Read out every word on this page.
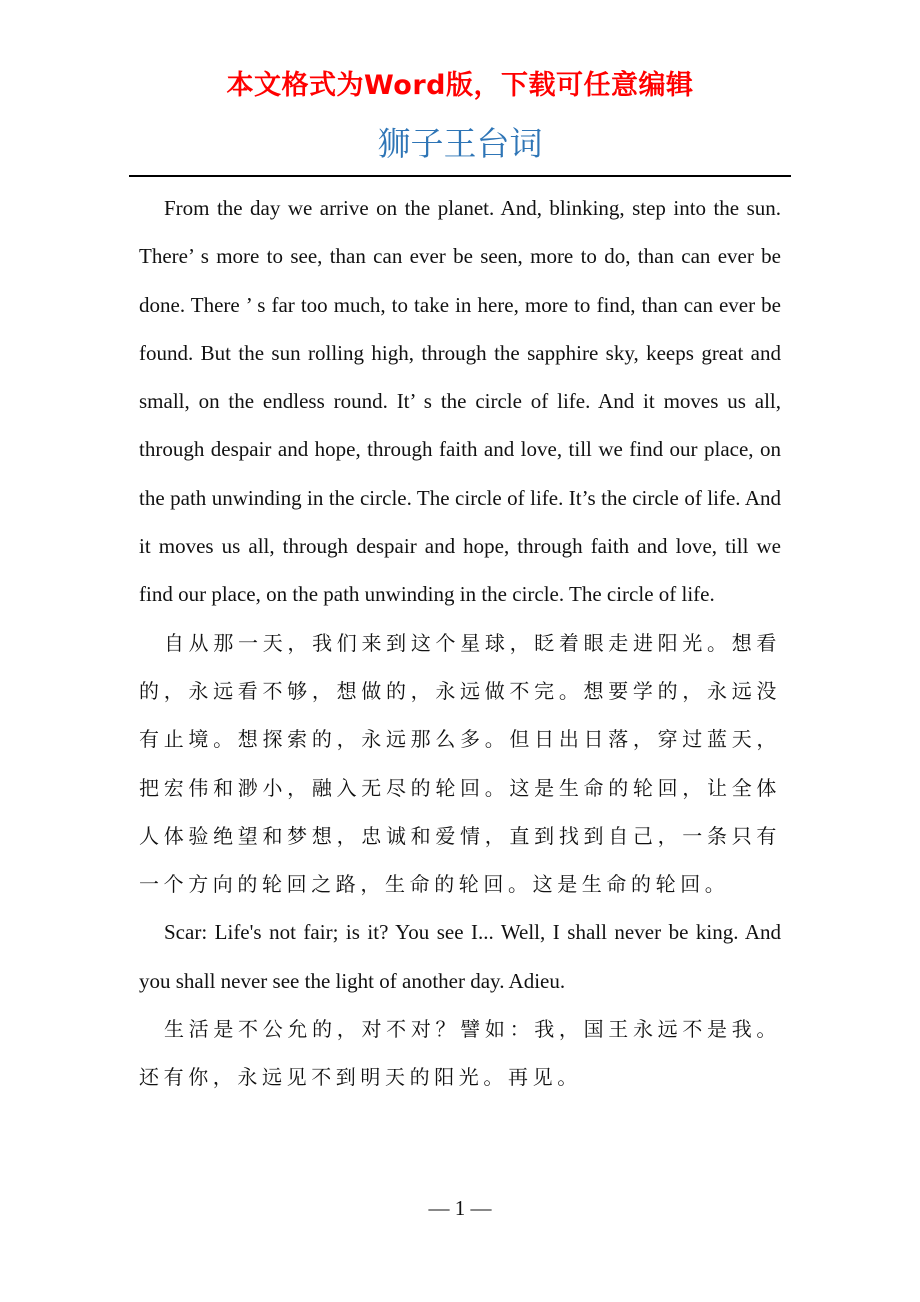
本文格式为Word版，下载可任意编辑
狮子王台词

From the day we arrive on the planet. And, blinking, step into the sun. There’ s more to see, than can ever be seen, more to do, than can ever be done. There ’ s far too much, to take in here, more to find, than can ever be found. But the sun rolling high, through the sapphire sky, keeps great and small, on the endless round. It’ s the circle of life. And it moves us all, through despair and hope, through faith and love, till we find our place, on the path unwinding in the circle. The circle of life. It’s the circle of life. And it moves us all, through despair and hope, through faith and love, till we find our place, on the path unwinding in the circle. The circle of life.

自从那一天，我们来到这个星球，眨着眼走进阳光。想看的，永远看不够，想做的，永远做不完。想要学的，永远没有止境。想探索的，永远那么多。但日出日落，穿过蓝天，把宏伟和渺小，融入无尽的轮回。这是生命的轮回，让全体人体验绝望和梦想，忠诚和爱情，直到找到自己，一条只有一个方向的轮回之路，生命的轮回。这是生命的轮回。

Scar: Life's not fair; is it? You see I... Well, I shall never be king. And you shall never see the light of another day. Adieu.

生活是不公允的，对不对？譬如：我，国王永远不是我。还有你，永远见不到明天的阳光。再见。

— 1 —
